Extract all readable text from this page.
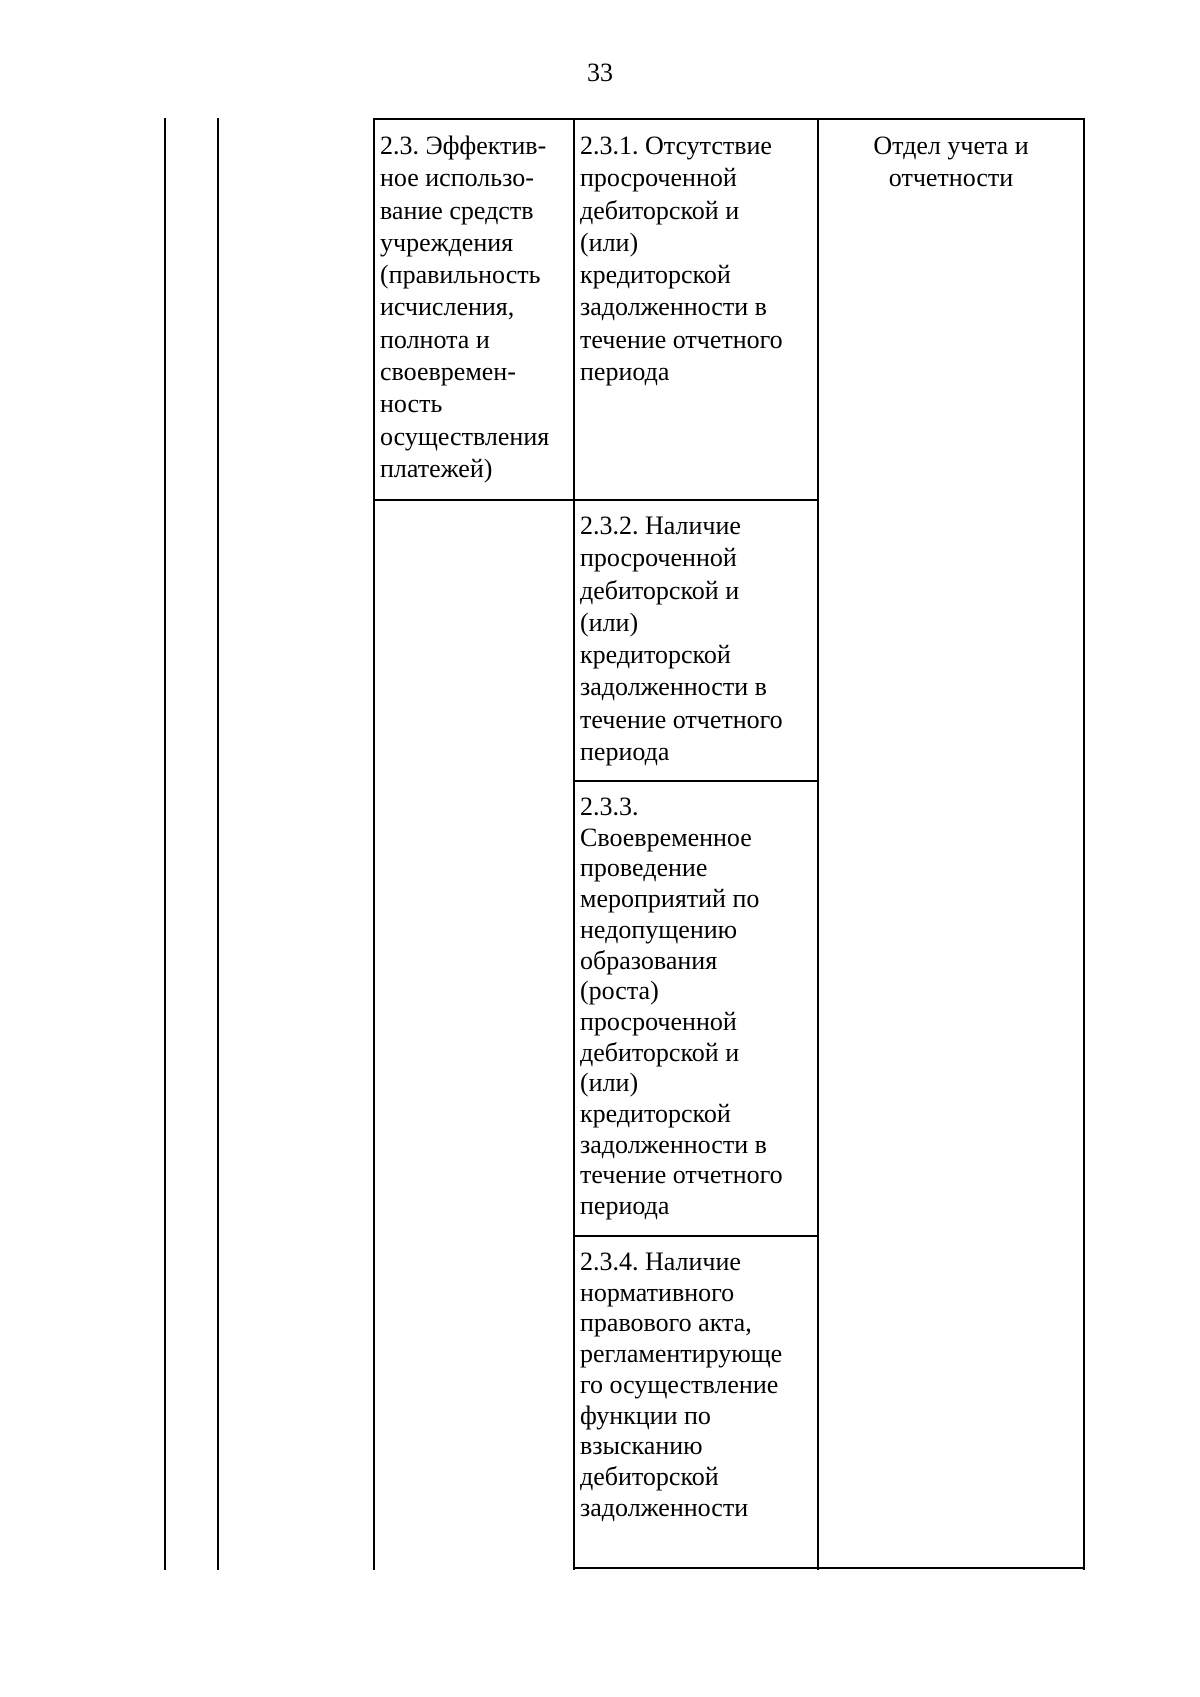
33
2.3. Эффектив-
ное использо-
вание средств
учреждения
(правильность
исчисления,
полнота и
своевремен-
ность
осуществления
платежей)
2.3.1. Отсутствие
просроченной
дебиторской и
(или)
кредиторской
задолженности в
течение отчетного
периода
2.3.2. Наличие
просроченной
дебиторской и
(или)
кредиторской
задолженности в
течение отчетного
периода
2.3.3.
Своевременное
проведение
мероприятий по
недопущению
образования
(роста)
просроченной
дебиторской и
(или)
кредиторской
задолженности в
течение отчетного
периода
2.3.4. Наличие
нормативного
правового акта,
регламентирующе
го осуществление
функции по
взысканию
дебиторской
задолженности
Отдел учета и
отчетности
